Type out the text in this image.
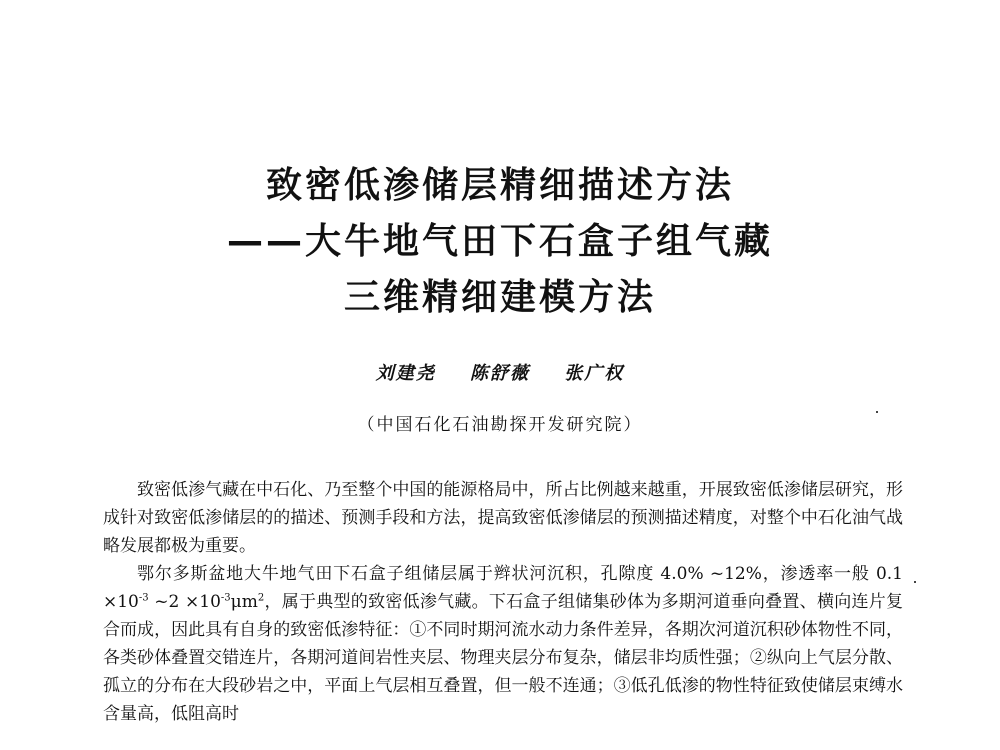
致密低渗储层精细描述方法
——大牛地气田下石盒子组气藏
三维精细建模方法
刘建尧 陈舒薇 张广权
（中国石化石油勘探开发研究院）

致密低渗气藏在中石化、乃至整个中国的能源格局中，所占比例越来越重，开展致密低渗储层研究，形成针对致密低渗储层的的描述、预测手段和方法，提高致密低渗储层的预测描述精度，对整个中石化油气战略发展都极为重要。

鄂尔多斯盆地大牛地气田下石盒子组储层属于辫状河沉积，孔隙度 4.0% ~12%，渗透率一般 $0.1 \times 10^{-3}$ ~2 $\times 10^{-3}\mu m^2$，属于典型的致密低渗气藏。下石盒子组储集砂体为多期河道垂向叠置、横向连片复合而成，因此具有自身的致密低渗特征：①不同时期河流水动力条件差异，各期次河道沉积砂体物性不同，各类砂体叠置交错连片，各期河道间岩性夹层、物理夹层分布复杂，储层非均质性强；②纵向上气层分散、孤立的分布在大段砂岩之中，平面上气层相互叠置，但一般不连通；③低孔低渗的物性特征致使储层束缚水含量高，低阻高时
